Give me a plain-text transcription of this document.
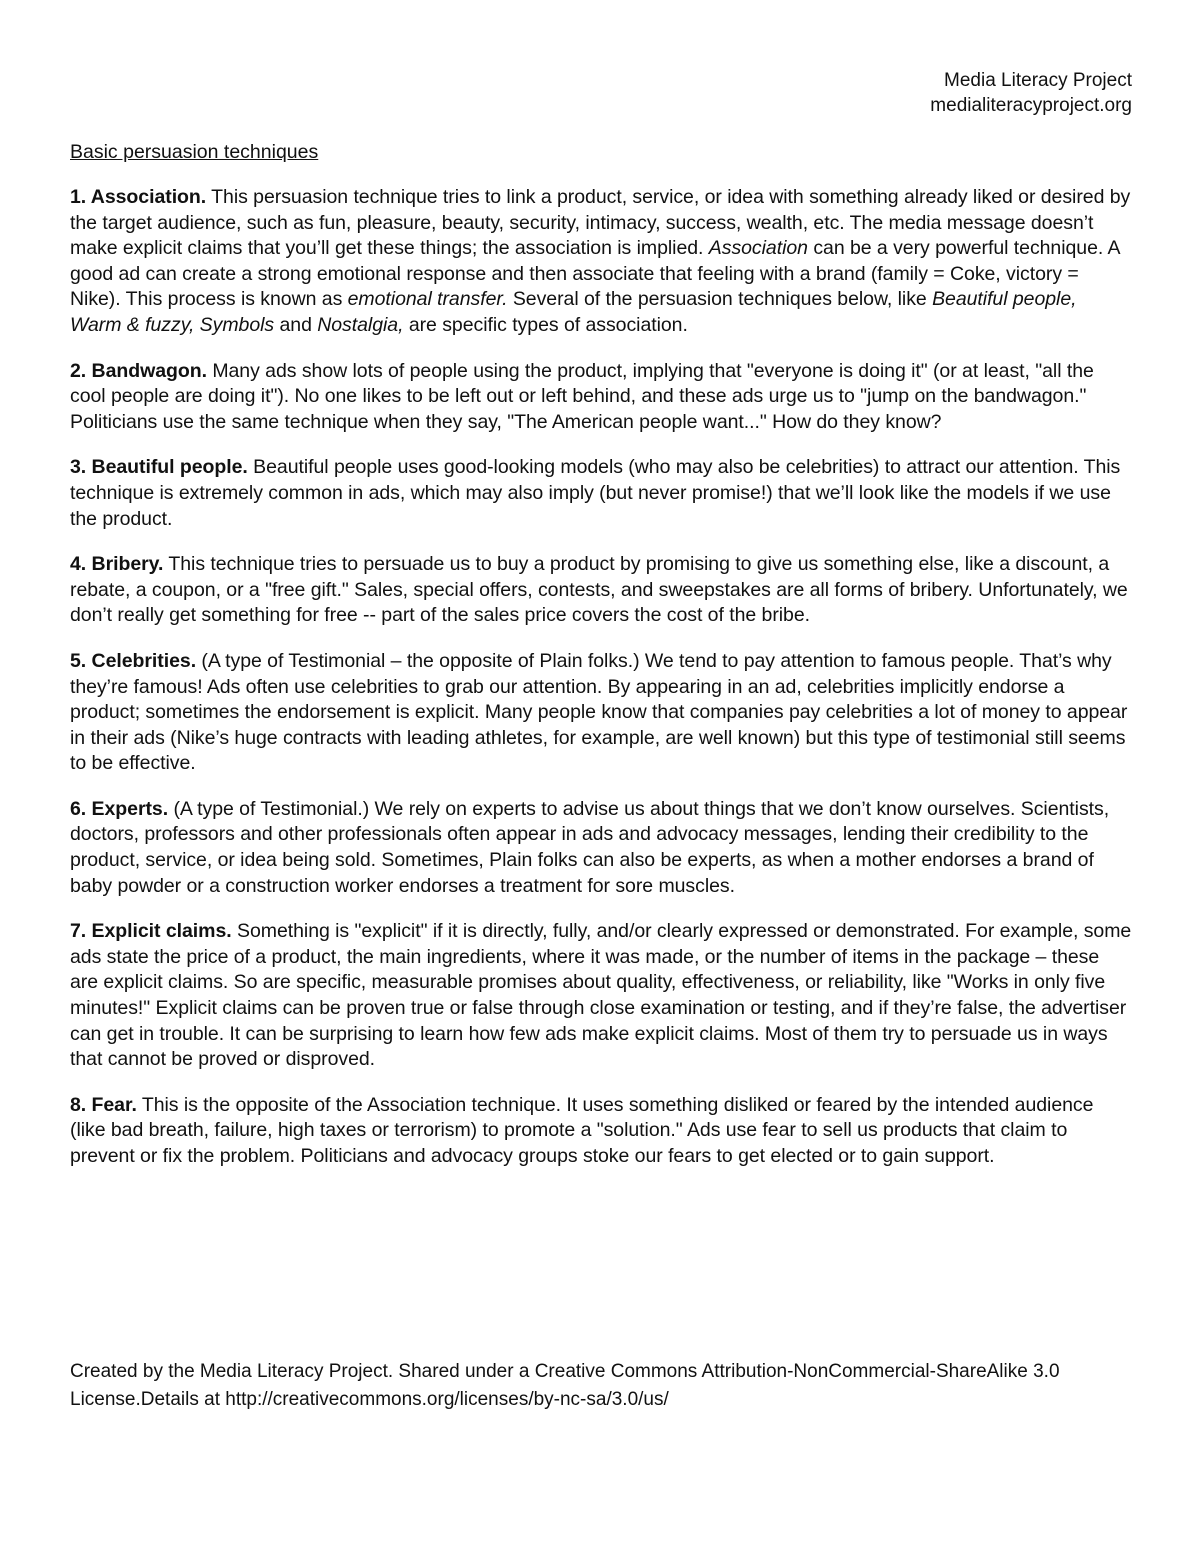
Media Literacy Project
medialiteracyproject.org
Basic persuasion techniques
1. Association. This persuasion technique tries to link a product, service, or idea with something already liked or desired by the target audience, such as fun, pleasure, beauty, security, intimacy, success, wealth, etc. The media message doesn’t make explicit claims that you’ll get these things; the association is implied. Association can be a very powerful technique. A good ad can create a strong emotional response and then associate that feeling with a brand (family = Coke, victory = Nike). This process is known as emotional transfer. Several of the persuasion techniques below, like Beautiful people, Warm & fuzzy, Symbols and Nostalgia, are specific types of association.
2. Bandwagon. Many ads show lots of people using the product, implying that "everyone is doing it" (or at least, "all the cool people are doing it"). No one likes to be left out or left behind, and these ads urge us to "jump on the bandwagon." Politicians use the same technique when they say, "The American people want..." How do they know?
3. Beautiful people. Beautiful people uses good-looking models (who may also be celebrities) to attract our attention. This technique is extremely common in ads, which may also imply (but never promise!) that we’ll look like the models if we use the product.
4. Bribery. This technique tries to persuade us to buy a product by promising to give us something else, like a discount, a rebate, a coupon, or a "free gift." Sales, special offers, contests, and sweepstakes are all forms of bribery. Unfortunately, we don’t really get something for free -- part of the sales price covers the cost of the bribe.
5. Celebrities. (A type of Testimonial – the opposite of Plain folks.) We tend to pay attention to famous people. That’s why they’re famous! Ads often use celebrities to grab our attention. By appearing in an ad, celebrities implicitly endorse a product; sometimes the endorsement is explicit. Many people know that companies pay celebrities a lot of money to appear in their ads (Nike’s huge contracts with leading athletes, for example, are well known) but this type of testimonial still seems to be effective.
6. Experts. (A type of Testimonial.) We rely on experts to advise us about things that we don’t know ourselves. Scientists, doctors, professors and other professionals often appear in ads and advocacy messages, lending their credibility to the product, service, or idea being sold. Sometimes, Plain folks can also be experts, as when a mother endorses a brand of baby powder or a construction worker endorses a treatment for sore muscles.
7. Explicit claims. Something is "explicit" if it is directly, fully, and/or clearly expressed or demonstrated. For example, some ads state the price of a product, the main ingredients, where it was made, or the number of items in the package – these are explicit claims. So are specific, measurable promises about quality, effectiveness, or reliability, like "Works in only five minutes!" Explicit claims can be proven true or false through close examination or testing, and if they’re false, the advertiser can get in trouble. It can be surprising to learn how few ads make explicit claims. Most of them try to persuade us in ways that cannot be proved or disproved.
8. Fear. This is the opposite of the Association technique. It uses something disliked or feared by the intended audience (like bad breath, failure, high taxes or terrorism) to promote a "solution." Ads use fear to sell us products that claim to prevent or fix the problem. Politicians and advocacy groups stoke our fears to get elected or to gain support.
Created by the Media Literacy Project. Shared under a Creative Commons Attribution-NonCommercial-ShareAlike 3.0
License.Details at http://creativecommons.org/licenses/by-nc-sa/3.0/us/
